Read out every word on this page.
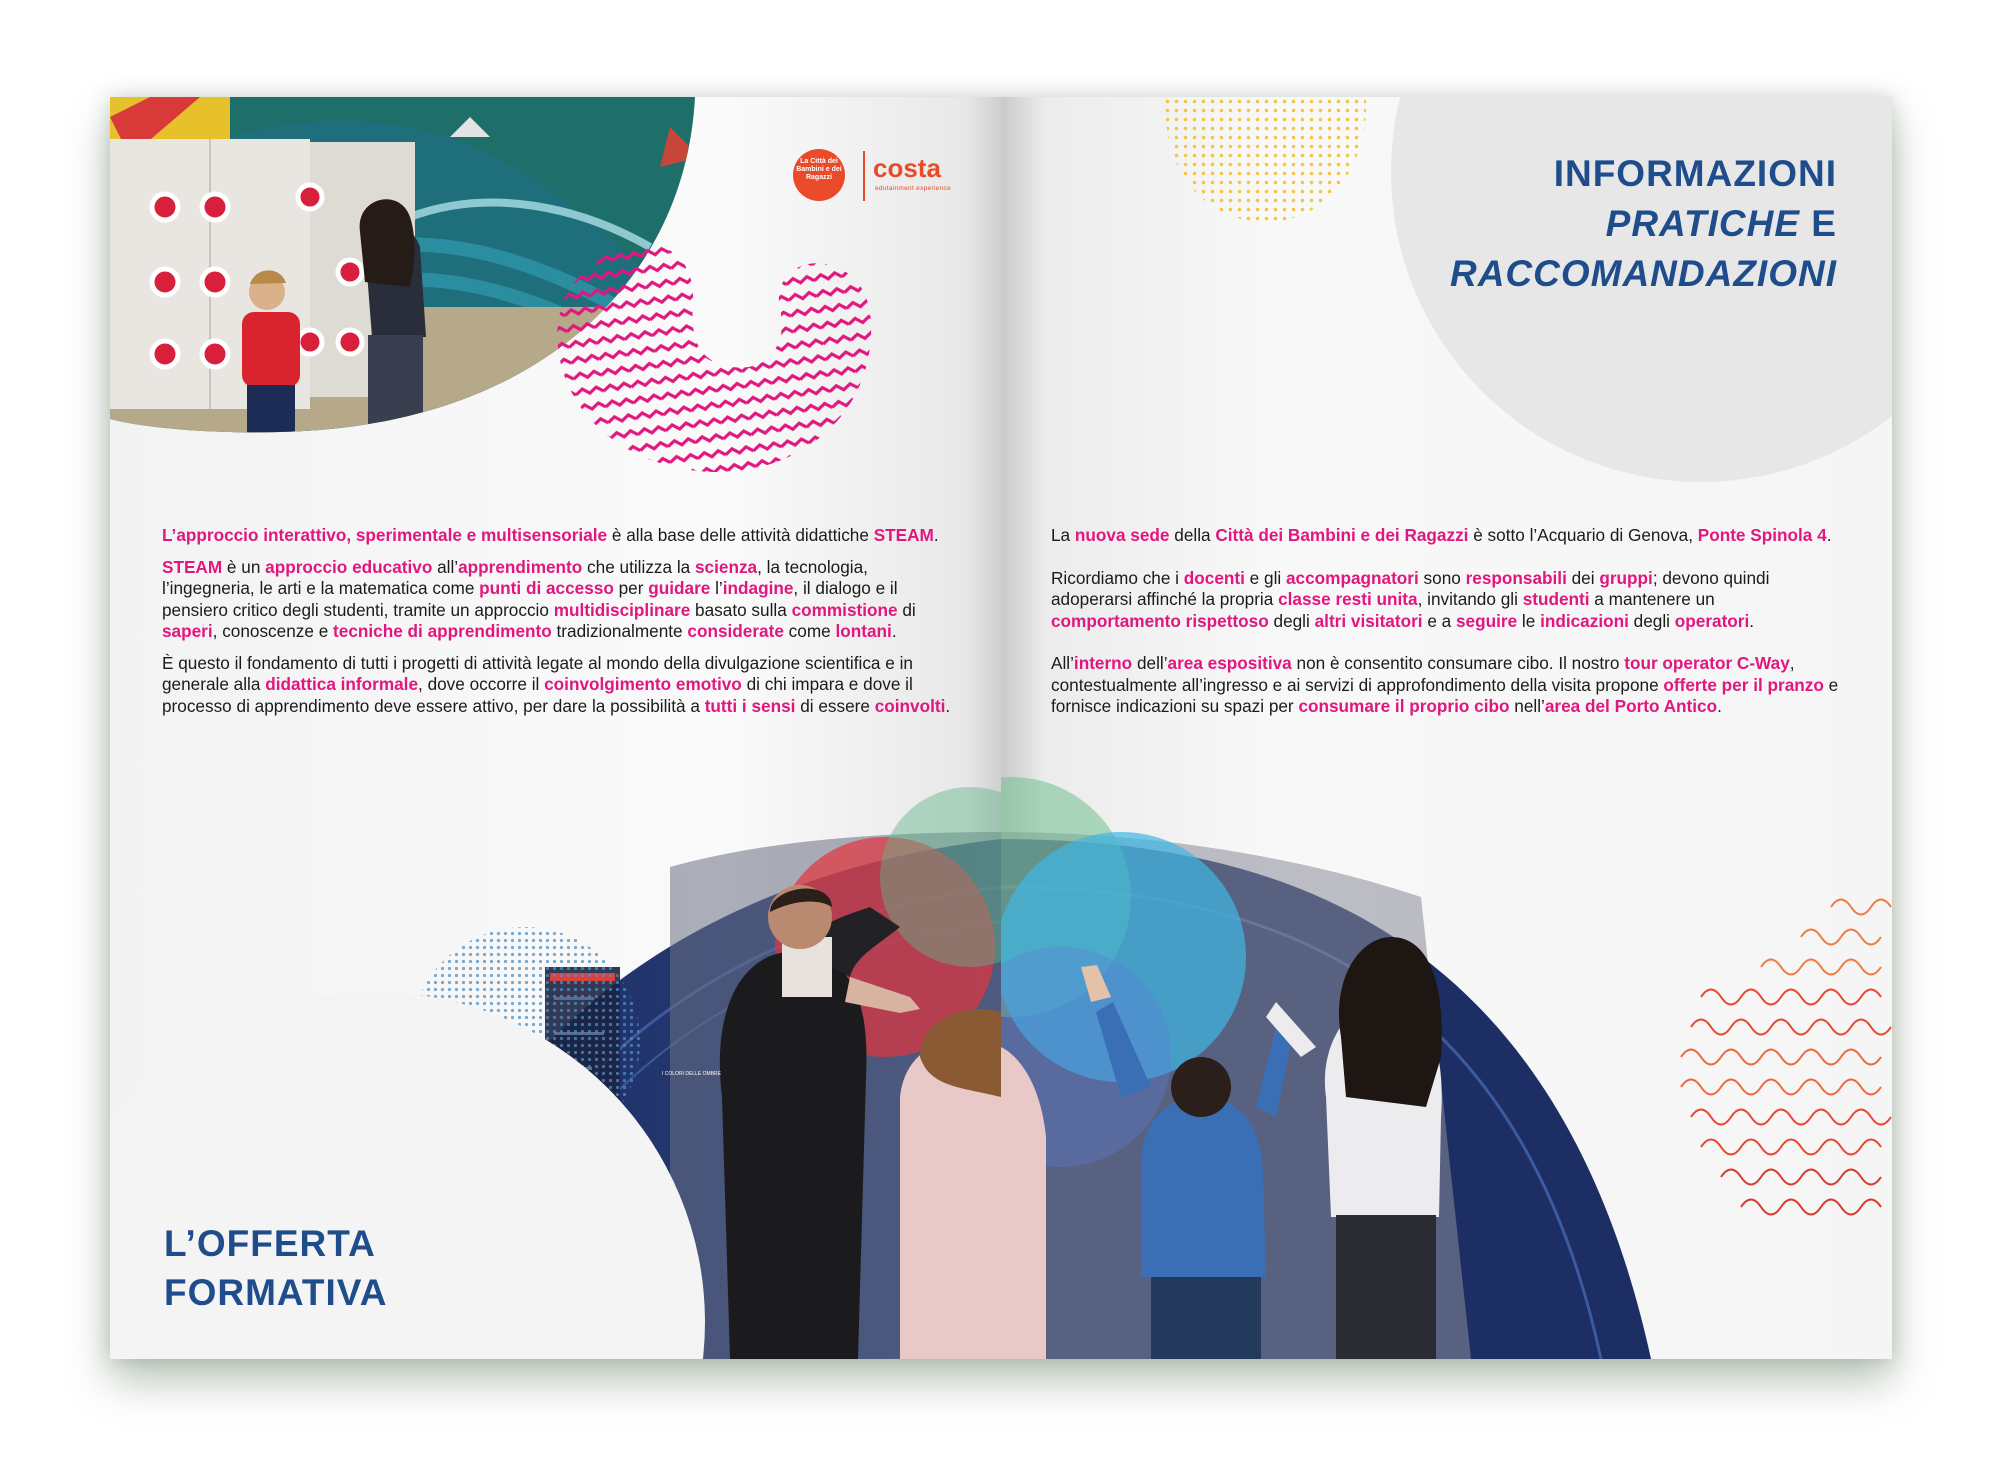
La Città dei Bambini e dei Ragazzi	costa
edutainment experience

L’approccio interattivo, sperimentale e multisensoriale è alla base delle attività didattiche STEAM.

STEAM è un approccio educativo all’apprendimento che utilizza la scienza, la tecnologia, l’ingegneria, le arti e la matematica come punti di accesso per guidare l’indagine, il dialogo e il pensiero critico degli studenti, tramite un approccio multidisciplinare basato sulla commistione di saperi, conoscenze e tecniche di apprendimento tradizionalmente considerate come lontani.

È questo il fondamento di tutti i progetti di attività legate al mondo della divulgazione scientifica e in generale alla didattica informale, dove occorre il coinvolgimento emotivo di chi impara e dove il processo di apprendimento deve essere attivo, per dare la possibilità a tutti i sensi di essere coinvolti.

L’OFFERTA
FORMATIVA
INFORMAZIONI
PRATICHE E
RACCOMANDAZIONI

La nuova sede della Città dei Bambini e dei Ragazzi è sotto l’Acquario di Genova, Ponte Spinola 4.

Ricordiamo che i docenti e gli accompagnatori sono responsabili dei gruppi; devono quindi adoperarsi affinché la propria classe resti unita, invitando gli studenti a mantenere un comportamento rispettoso degli altri visitatori e a seguire le indicazioni degli operatori.

All’interno dell’area espositiva non è consentito consumare cibo. Il nostro tour operator C-Way, contestualmente all’ingresso e ai servizi di approfondimento della visita propone offerte per il pranzo e fornisce indicazioni su spazi per consumare il proprio cibo nell’area del Porto Antico.

I COLORI DELLE OMBRE
